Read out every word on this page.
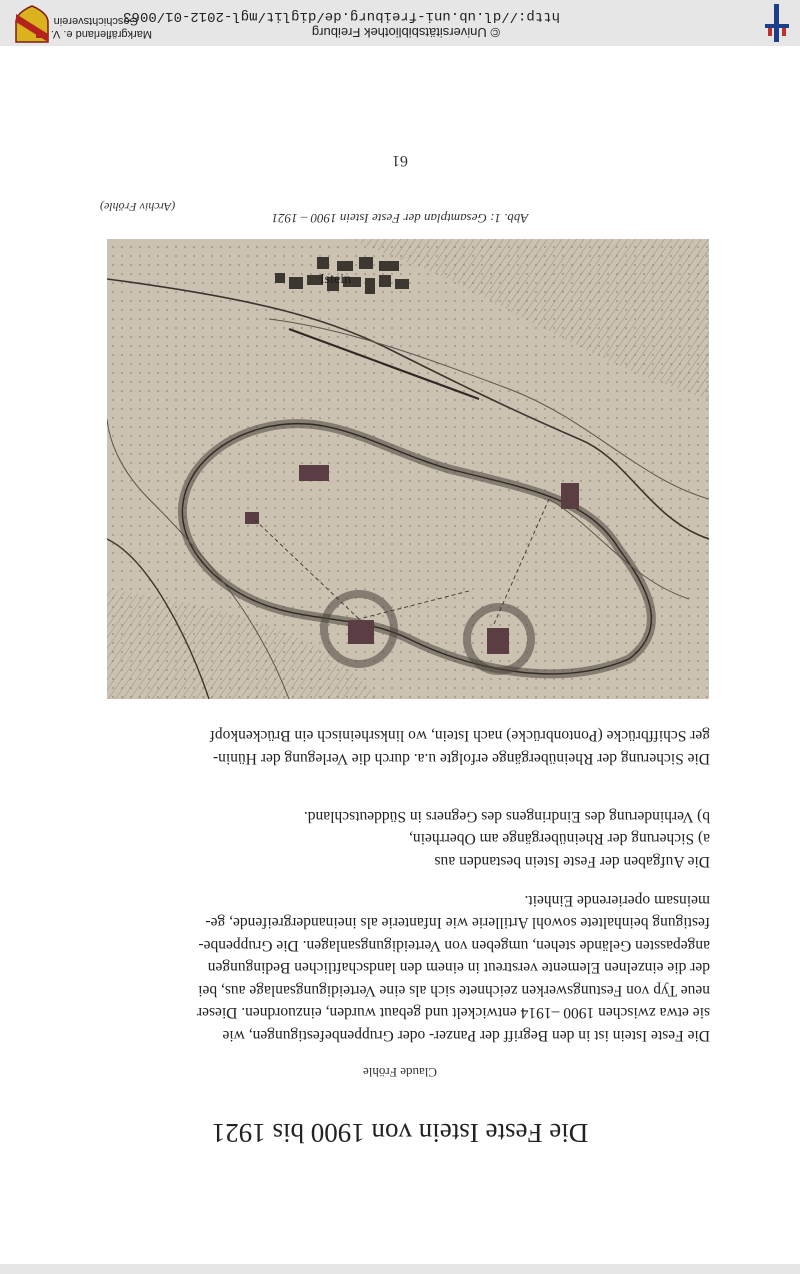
Die Feste Istein von 1900 bis 1921
Claude Fröhle
Die Feste Istein ist in den Begriff der Panzer- oder Gruppenbefestigungen, wie
sie etwa zwischen 1900 –1914 entwickelt und gebaut wurden, einzuordnen. Dieser
neue Typ von Festungswerken zeichnete sich als eine Verteidigungsanlage aus, bei
der die einzelnen Elemente verstreut in einem den landschaftlichen Bedingungen
angepassten Gelände stehen, umgeben von Verteidigungsanlagen. Die Gruppenbe-
festigung beinhaltete sowohl Artillerie wie Infanterie als ineinandergreifende, ge-
meinsam operierende Einheit.
Die Aufgaben der Feste Istein bestanden aus
a) Sicherung der Rheinübergänge am Oberrhein,
b) Verhinderung des Eindringens des Gegners in Süddeutschland.
Die Sicherung der Rheinübergänge erfolgte u.a. durch die Verlegung der Hünin-
ger Schiffbrücke (Pontonbrücke) nach Istein, wo linksrheinisch ein Brückenkopf
Istein
Abb. 1: Gesamtplan der Feste Istein 1900 – 1921
(Archiv Fröhle)
61
© Universitätsbibliothek Freiburg
http://dl.ub.uni-freiburg.de/diglit/mgl-2012-01/0063
Markgräflerland e. V.
Geschichtsverein
